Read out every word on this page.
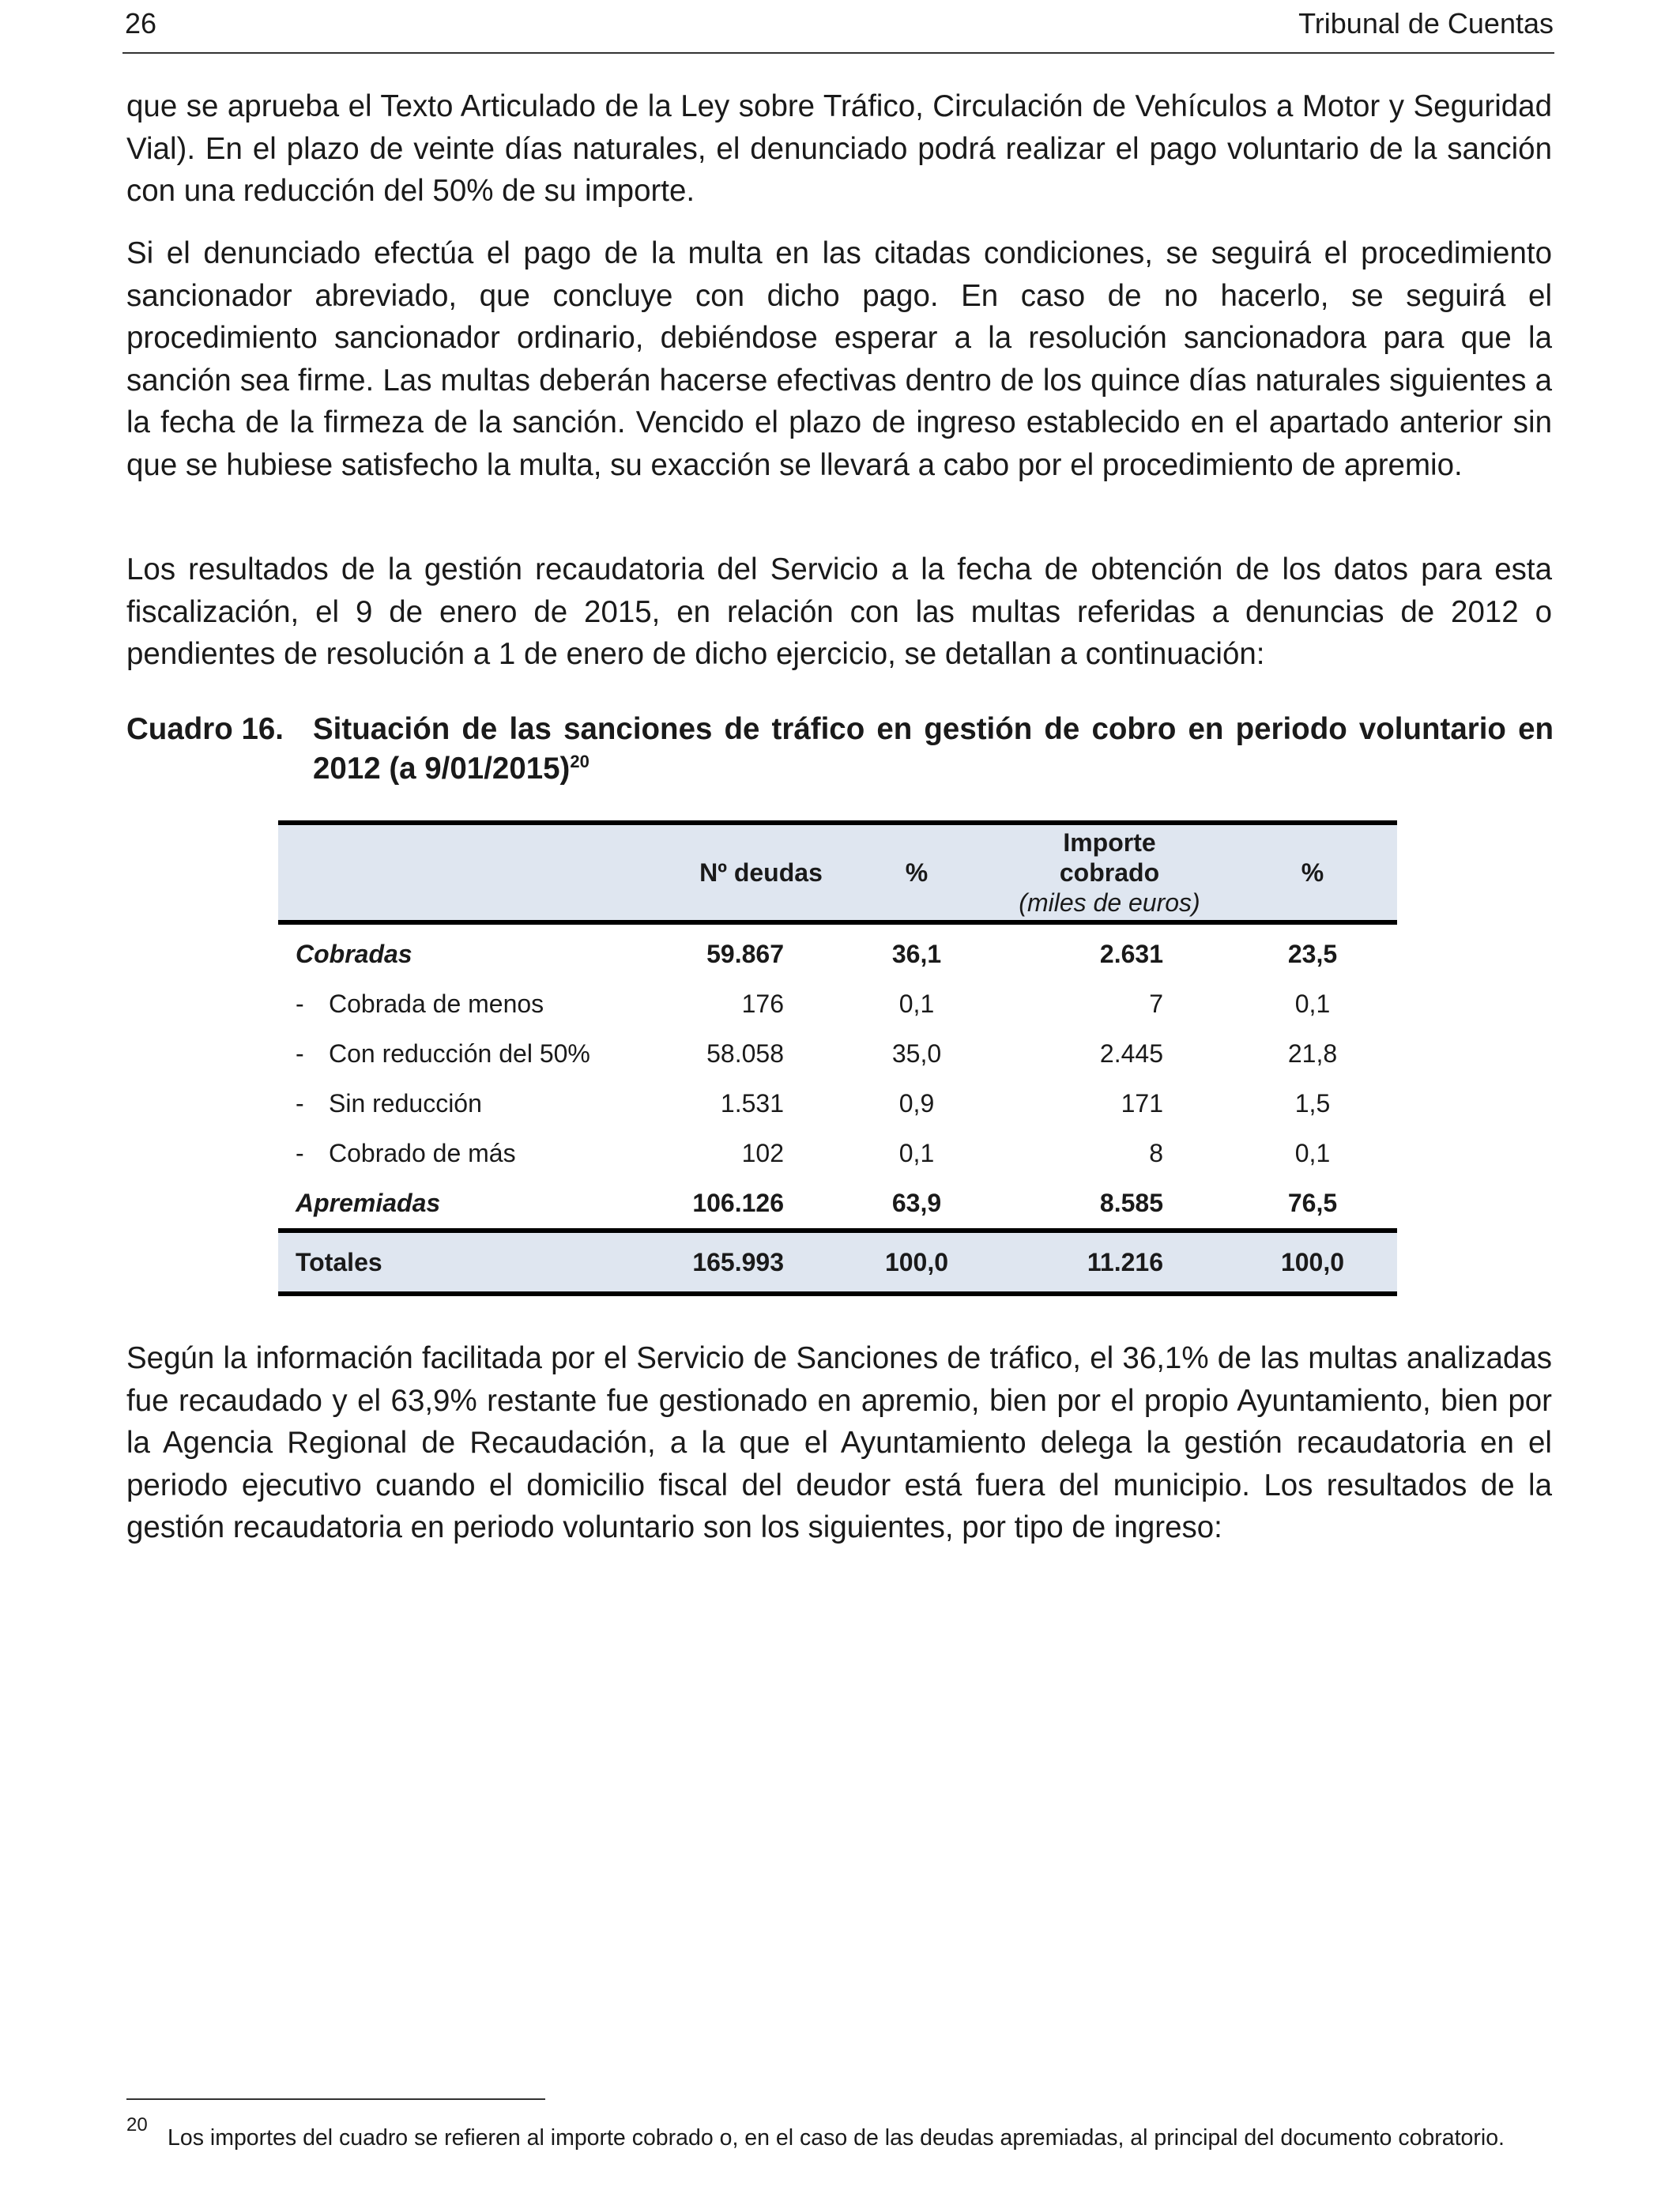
26	Tribunal de Cuentas

que se aprueba el Texto Articulado de la Ley sobre Tráfico, Circulación de Vehículos a Motor y Seguridad Vial). En el plazo de veinte días naturales, el denunciado podrá realizar el pago voluntario de la sanción con una reducción del 50% de su importe.

Si el denunciado efectúa el pago de la multa en las citadas condiciones, se seguirá el procedimiento sancionador abreviado, que concluye con dicho pago. En caso de no hacerlo, se seguirá el procedimiento sancionador ordinario, debiéndose esperar a la resolución sancionadora para que la sanción sea firme. Las multas deberán hacerse efectivas dentro de los quince días naturales siguientes a la fecha de la firmeza de la sanción. Vencido el plazo de ingreso establecido en el apartado anterior sin que se hubiese satisfecho la multa, su exacción se llevará a cabo por el procedimiento de apremio.

Los resultados de la gestión recaudatoria del Servicio a la fecha de obtención de los datos para esta fiscalización, el 9 de enero de 2015, en relación con las multas referidas a denuncias de 2012 o pendientes de resolución a 1 de enero de dicho ejercicio, se detallan a continuación:

Cuadro 16. Situación de las sanciones de tráfico en gestión de cobro en periodo voluntario en 2012 (a 9/01/2015)$^{20}$
	Nº deudas	%	Importe
cobrado
(miles de euros)	%
Cobradas	59.867	36,1	2.631	23,5
- Cobrada de menos	176	0,1	7	0,1
- Con reducción del 50%	58.058	35,0	2.445	21,8
- Sin reducción	1.531	0,9	171	1,5
- Cobrado de más	102	0,1	8	0,1
Apremiadas	106.126	63,9	8.585	76,5
Totales	165.993	100,0	11.216	100,0

Según la información facilitada por el Servicio de Sanciones de tráfico, el 36,1% de las multas analizadas fue recaudado y el 63,9% restante fue gestionado en apremio, bien por el propio Ayuntamiento, bien por la Agencia Regional de Recaudación, a la que el Ayuntamiento delega la gestión recaudatoria en el periodo ejecutivo cuando el domicilio fiscal del deudor está fuera del municipio. Los resultados de la gestión recaudatoria en periodo voluntario son los siguientes, por tipo de ingreso:

20

Los importes del cuadro se refieren al importe cobrado o, en el caso de las deudas apremiadas, al principal del documento cobratorio.
